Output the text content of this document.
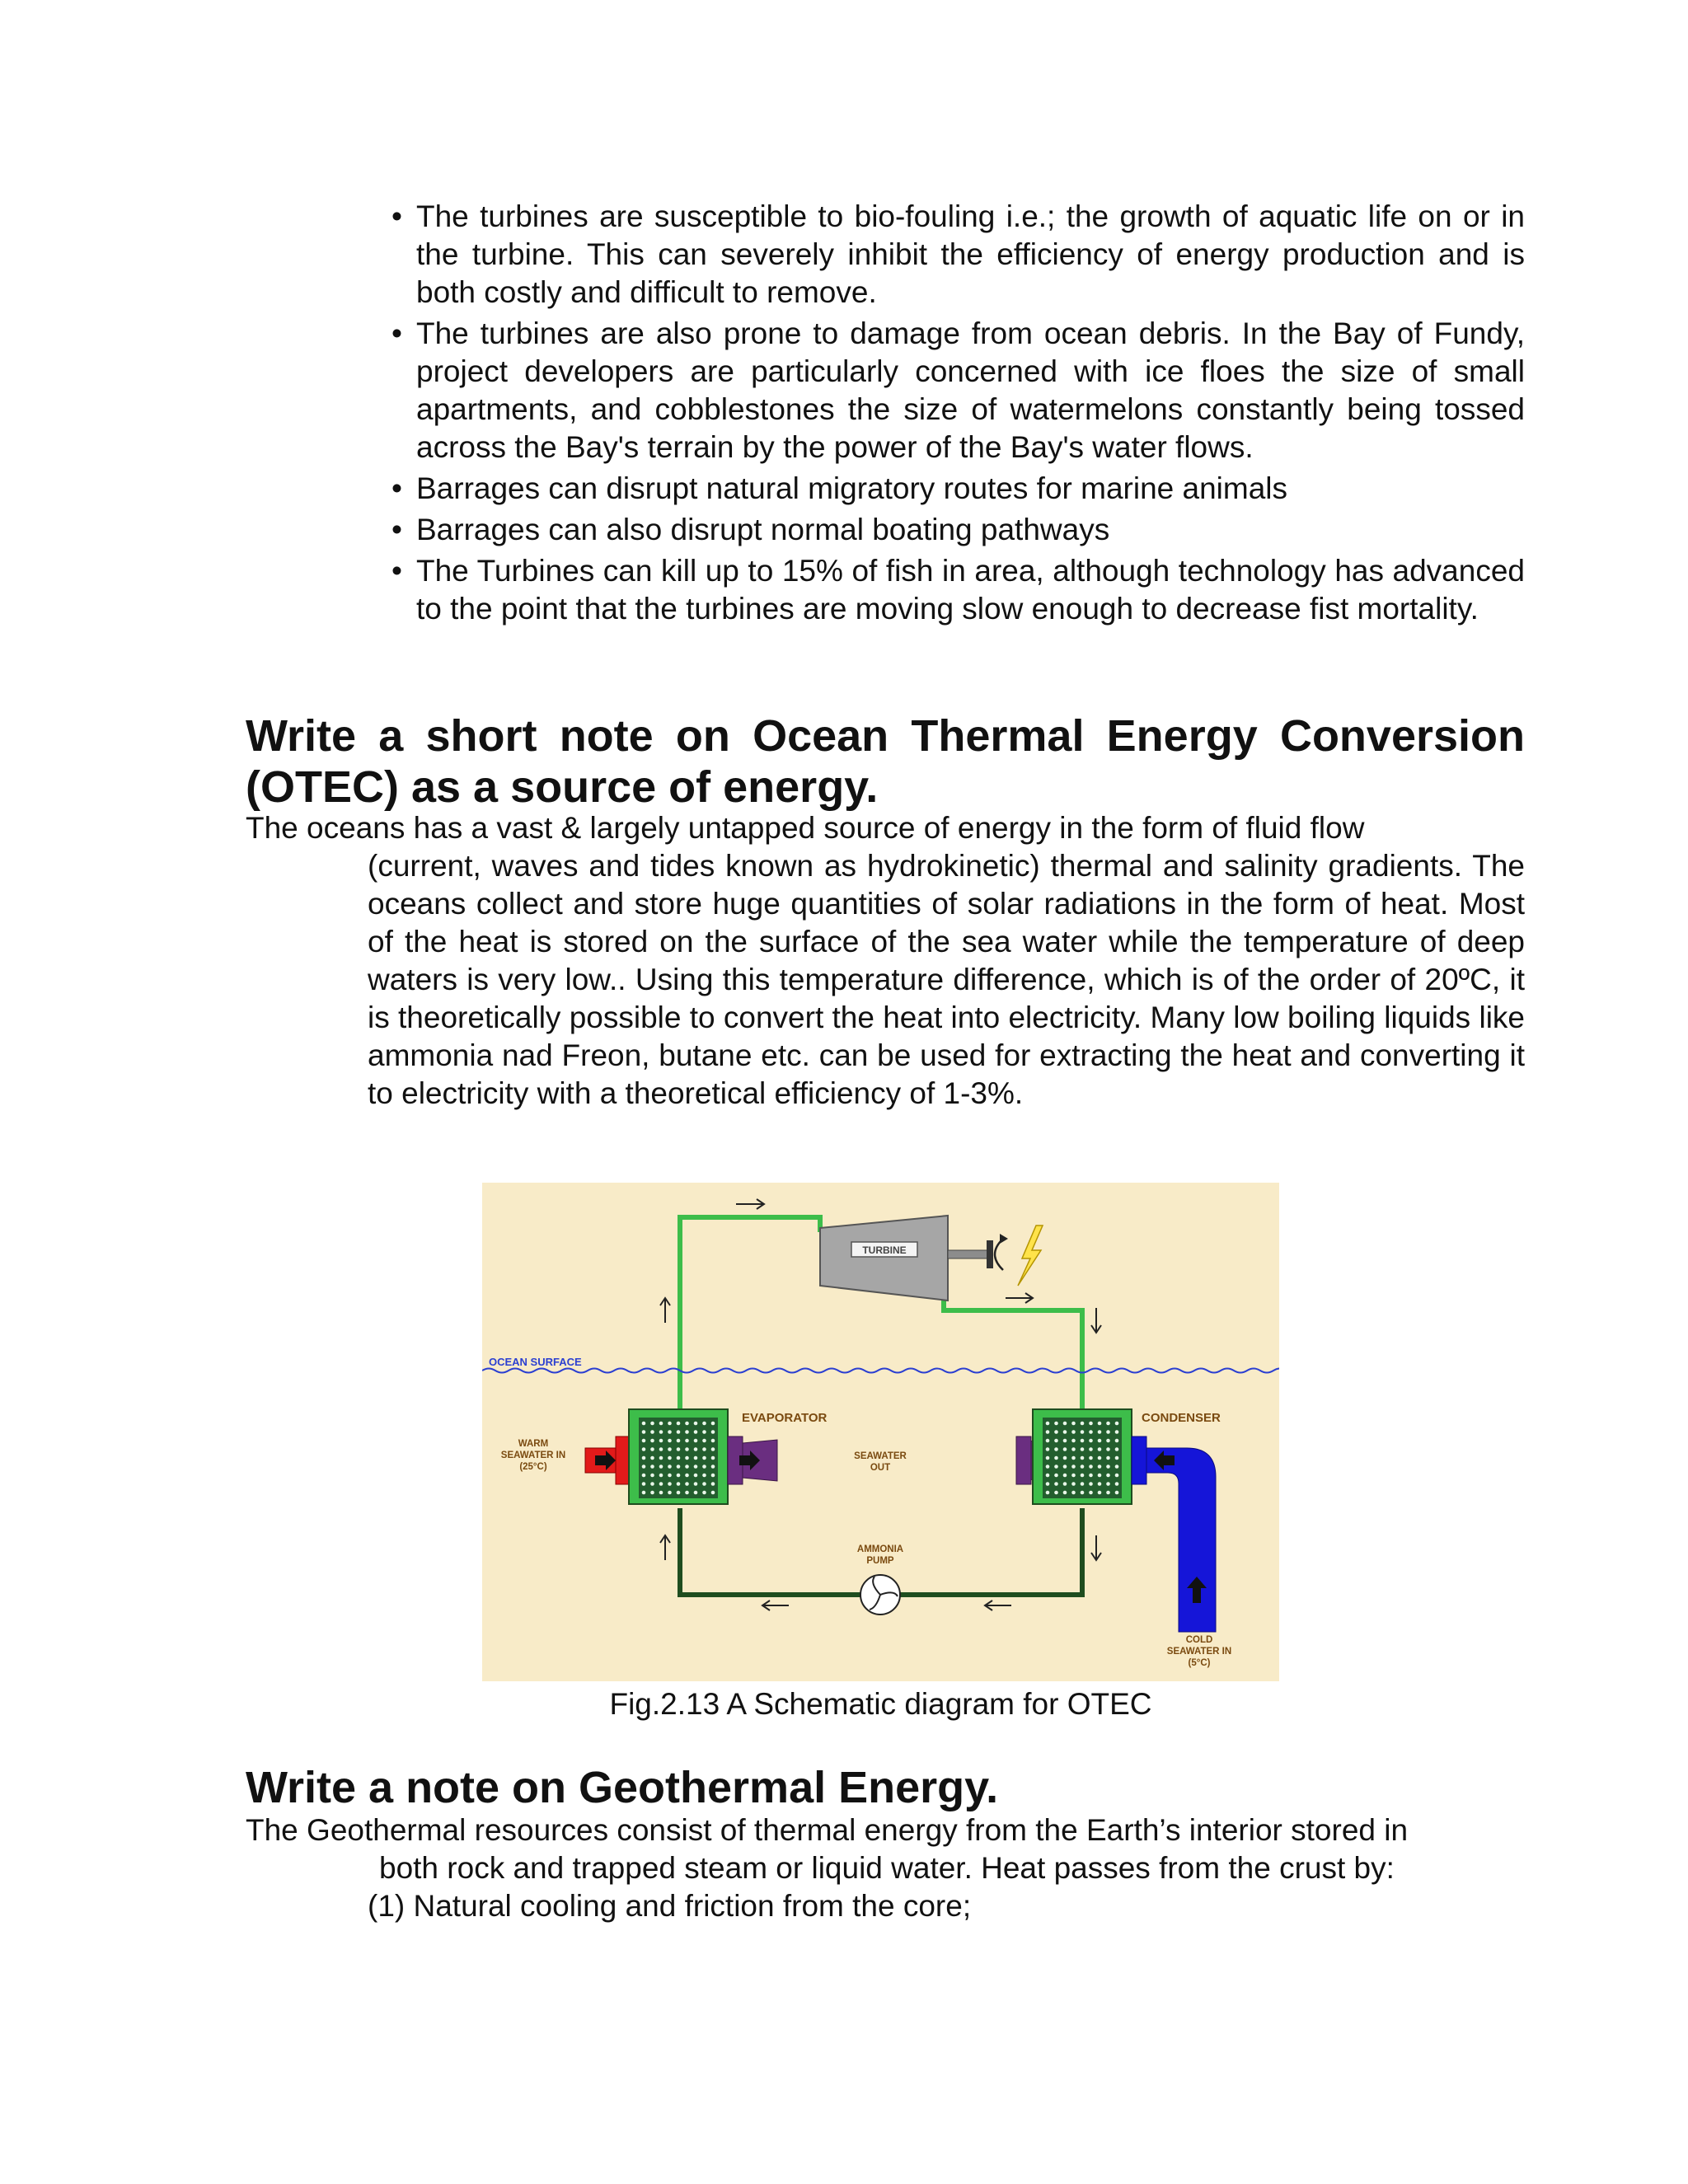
• The turbines are susceptible to bio-fouling i.e.; the growth of aquatic life on or in the turbine. This can severely inhibit the efficiency of energy production and is both costly and difficult to remove.
• The turbines are also prone to damage from ocean debris. In the Bay of Fundy, project developers are particularly concerned with ice floes the size of small apartments, and cobblestones the size of watermelons constantly being tossed across the Bay's terrain by the power of the Bay's water flows.
• Barrages can disrupt natural migratory routes for marine animals
• Barrages can also disrupt normal boating pathways
• The Turbines can kill up to 15% of fish in area, although technology has advanced to the point that the turbines are moving slow enough to decrease fist mortality.
Write a short note on Ocean Thermal Energy Conversion (OTEC) as a source of energy.
The oceans has a vast & largely untapped source of energy in the form of fluid flow
(current, waves and tides known as hydrokinetic) thermal and salinity gradients. The oceans collect and store huge quantities of solar radiations in the form of heat. Most of the heat is stored on the surface of the sea water while the temperature of deep waters is very low.. Using this temperature difference, which is of the order of 20ºC, it is theoretically possible to convert the heat into electricity. Many low boiling liquids like ammonia nad Freon, butane etc. can be used for extracting the heat and converting it to electricity with a theoretical efficiency of 1-3%.
TURBINE
OCEAN SURFACE
EVAPORATOR
WARM
SEAWATER IN
(25°C)
SEAWATER
OUT
CONDENSER
COLD
SEAWATER IN
(5°C)
AMMONIA
PUMP
Fig.2.13 A Schematic diagram for OTEC
Write a note on Geothermal Energy.
The Geothermal resources consist of thermal energy from the Earth’s interior stored in
both rock and trapped steam or liquid water. Heat passes from the crust by:
(1) Natural cooling and friction from the core;
